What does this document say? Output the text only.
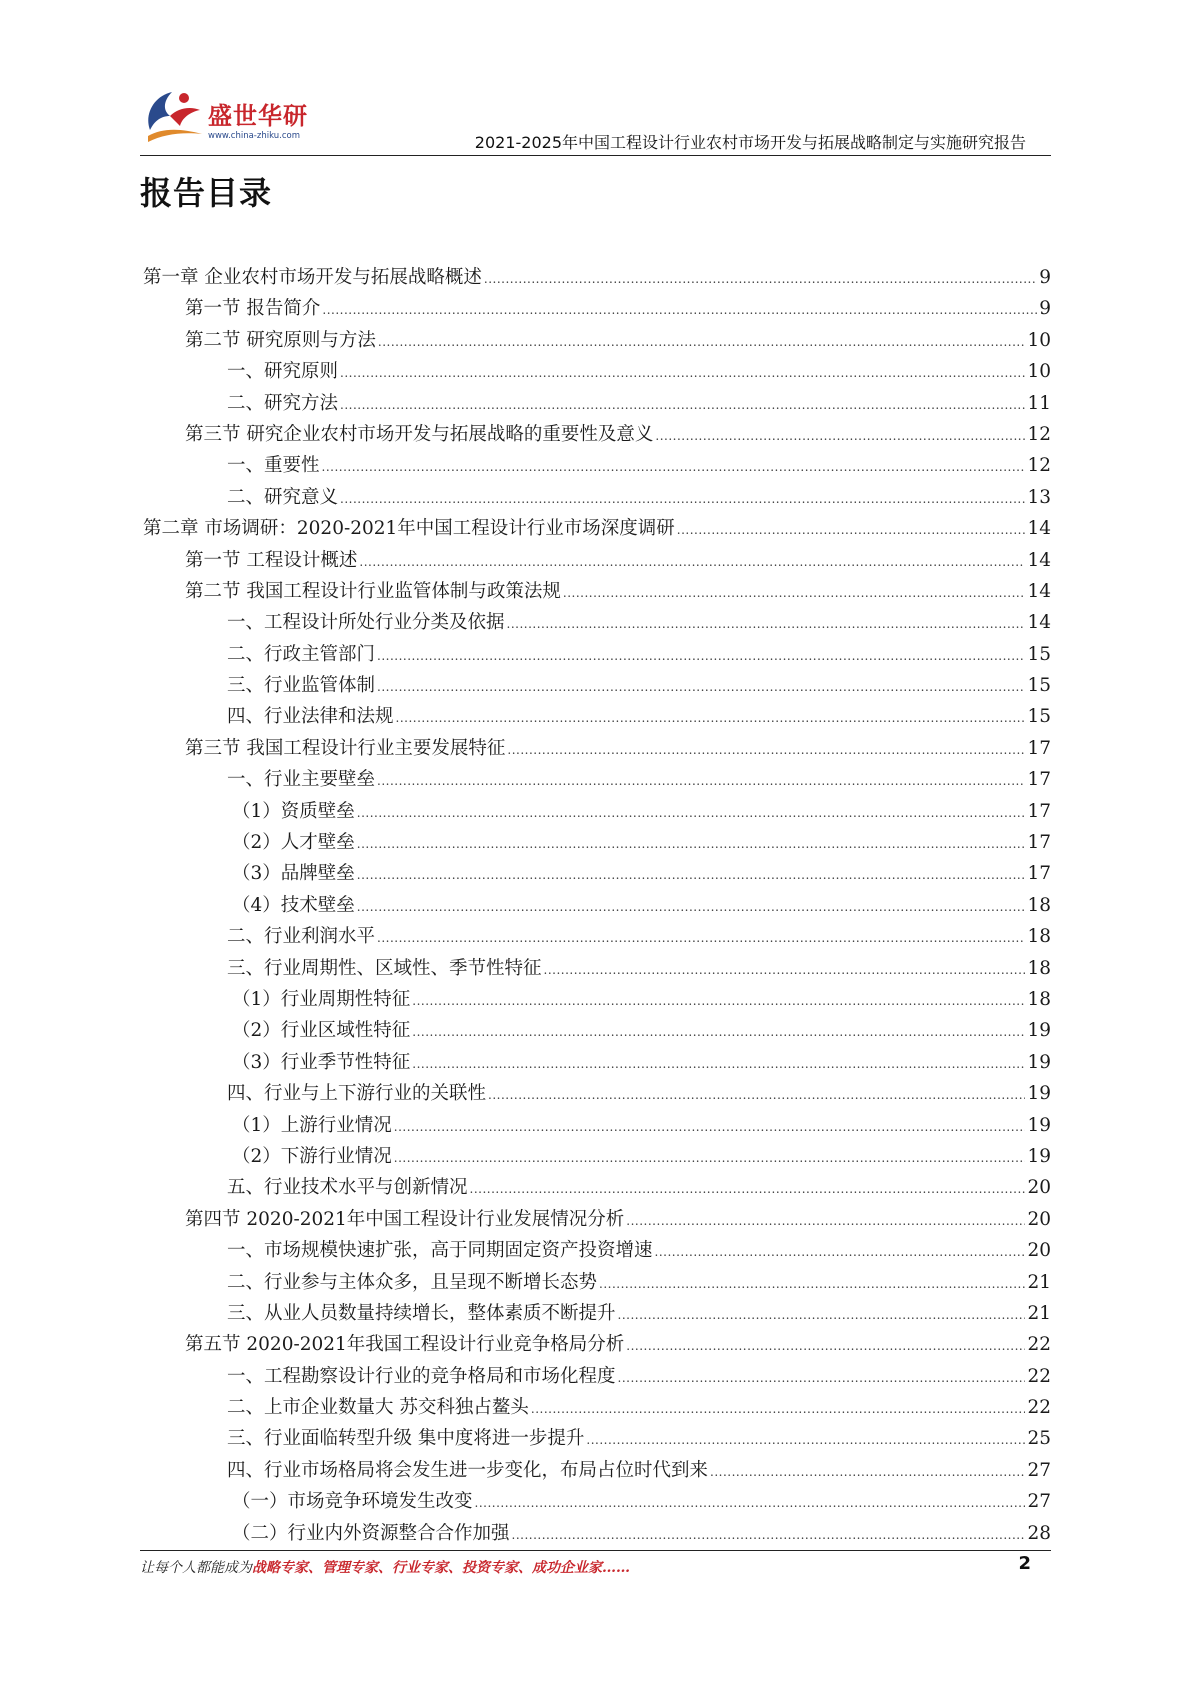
盛世华研
www.china-zhiku.com	2021-2025年中国工程设计行业农村市场开发与拓展战略制定与实施研究报告
报告目录
第一章 企业农村市场开发与拓展战略概述 .....	9
第一节 报告简介 .....	9
第二节 研究原则与方法 .....	10
一、研究原则 .....	10
二、研究方法 .....	11
第三节 研究企业农村市场开发与拓展战略的重要性及意义 .....	12
一、重要性 .....	12
二、研究意义 .....	13
第二章 市场调研：2020-2021年中国工程设计行业市场深度调研 .....	14
第一节 工程设计概述 .....	14
第二节 我国工程设计行业监管体制与政策法规 .....	14
一、工程设计所处行业分类及依据 .....	14
二、行政主管部门 .....	15
三、行业监管体制 .....	15
四、行业法律和法规 .....	15
第三节 我国工程设计行业主要发展特征 .....	17
一、行业主要壁垒 .....	17
（1）资质壁垒 .....	17
（2）人才壁垒 .....	17
（3）品牌壁垒 .....	17
（4）技术壁垒 .....	18
二、行业利润水平 .....	18
三、行业周期性、区域性、季节性特征 .....	18
（1）行业周期性特征 .....	18
（2）行业区域性特征 .....	19
（3）行业季节性特征 .....	19
四、行业与上下游行业的关联性 .....	19
（1）上游行业情况 .....	19
（2）下游行业情况 .....	19
五、行业技术水平与创新情况 .....	20
第四节 2020-2021年中国工程设计行业发展情况分析 .....	20
一、市场规模快速扩张，高于同期固定资产投资增速 .....	20
二、行业参与主体众多，且呈现不断增长态势 .....	21
三、从业人员数量持续增长，整体素质不断提升 .....	21
第五节 2020-2021年我国工程设计行业竞争格局分析 .....	22
一、工程勘察设计行业的竞争格局和市场化程度 .....	22
二、上市企业数量大 苏交科独占鳌头 .....	22
三、行业面临转型升级 集中度将进一步提升 .....	25
四、行业市场格局将会发生进一步变化，布局占位时代到来 .....	27
（一）市场竞争环境发生改变 .....	27
（二）行业内外资源整合合作加强 .....	28
让每个人都能成为战略专家、管理专家、行业专家、投资专家、成功企业家……	2
